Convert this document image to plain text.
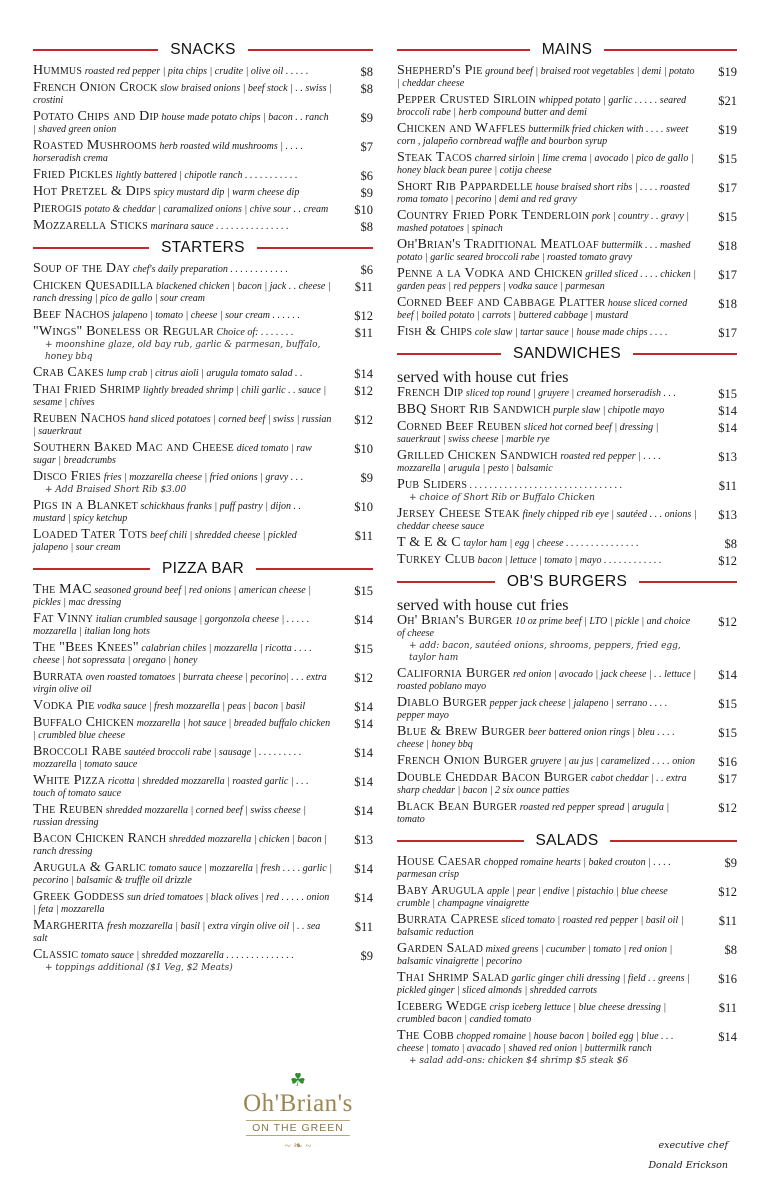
SNACKS
Hummus roasted red pepper | pita chips | crudite | olive oil . . . . .	$8
French Onion Crock slow braised onions | beef stock | . . swiss | crostini
$8
Potato Chips and Dip house made potato chips | bacon . . ranch | shaved green onion
$9
Roasted Mushrooms herb roasted wild mushrooms | . . . . horseradish crema
$7
Fried Pickles lightly battered | chipotle ranch . . . . . . . . . . .	$6
Hot Pretzel & Dips spicy mustard dip | warm cheese dip	$9
Pierogis potato & cheddar | caramalized onions | chive sour . . cream $10
Mozzarella Sticks marinara sauce . . . . . . . . . . . . . . .	$8
STARTERS
Soup of the Day chef's daily preparation . . . . . . . . . . . .	$6
Chicken Quesadilla blackened chicken | bacon | jack . . cheese | ranch dressing | pico de gallo | sour cream
$11
Beef Nachos jalapeno | tomato | cheese | sour cream . . . . . .	$12
"Wings" Boneless or Regular Choice of: . . . . . . .	$11
+ moonshine glaze, old bay rub, garlic & parmesan, buffalo, honey bbq
Crab Cakes lump crab | citrus aioli | arugula tomato salad . .	$14
Thai Fried Shrimp lightly breaded shrimp | chili garlic . . sauce | sesame | chives
$12
Reuben Nachos hand sliced potatoes | corned beef | swiss | russian | sauerkraut
$12
Southern Baked Mac and Cheese diced tomato | raw sugar | breadcrumbs
$10
Disco Fries fries | mozzarella cheese | fried onions | gravy . . .	$9
+ Add Braised Short Rib $3.00
Pigs in a Blanket schickhaus franks | puff pastry | dijon . . mustard | spicy ketchup
$10
Loaded Tater Tots beef chili | shredded cheese | pickled jalapeno | sour cream
$11
PIZZA BAR
The MAC seasoned ground beef | red onions | american cheese | pickles | mac dressing
$15
Fat Vinny italian crumbled sausage | gorgonzola cheese | . . . . . mozzarella | italian long hots
$14
The "Bees Knees" calabrian chiles | mozzarella | ricotta . . . . cheese | hot sopressata | oregano | honey
$15
Burrata oven roasted tomatoes | burrata cheese | pecorino| . . . extra virgin olive oil
$12
Vodka Pie vodka sauce | fresh mozzarella | peas | bacon | basil	$14
Buffalo Chicken mozzarella | hot sauce | breaded buffalo chicken | crumbled blue cheese
$14
Broccoli Rabe sautéed broccoli rabe | sausage | . . . . . . . . . mozzarella | tomato sauce
$14
White Pizza ricotta | shredded mozzarella | roasted garlic | . . . touch of tomato sauce
$14
The Reuben shredded mozzarella | corned beef | swiss cheese | russian dressing
$14
Bacon Chicken Ranch shredded mozzarella | chicken | bacon | ranch dressing
$13
Arugula & Garlic tomato sauce | mozzarella | fresh . . . . garlic | pecorino | balsamic & truffle oil drizzle
$14
Greek Goddess sun dried tomatoes | black olives | red . . . . . onion | feta | mozzarella
$14
Margherita fresh mozzarella | basil | extra virgin olive oil | . . sea salt
$11
Classic tomato sauce | shredded mozzarella . . . . . . . . . . . . . .	$9
+ toppings additional ($1 Veg, $2 Meats)
MAINS
Shepherd's Pie ground beef | braised root vegetables | demi | potato | cheddar cheese
$19
Pepper Crusted Sirloin whipped potato | garlic . . . . . seared broccoli rabe | herb compound butter and demi
$21
Chicken and Waffles buttermilk fried chicken with . . . . sweet corn , jalapeño cornbread waffle and bourbon syrup
$19
Steak Tacos charred sirloin | lime crema | avocado | pico de gallo | honey black bean puree | cotija cheese
$15
Short Rib Pappardelle house braised short ribs | . . . . roasted roma tomato | pecorino | demi and red gravy
$17
Country Fried Pork Tenderloin pork | country . . gravy | mashed potatoes | spinach
$15
Oh'Brian's Traditional Meatloaf buttermilk . . . mashed potato | garlic seared broccoli rabe | roasted tomato gravy
$18
Penne a la Vodka and Chicken grilled sliced . . . . chicken | garden peas | red peppers | vodka sauce | parmesan
$17
Corned Beef and Cabbage Platter house sliced corned beef | boiled potato | carrots | buttered cabbage | mustard
$18
Fish & Chips cole slaw | tartar sauce | house made chips . . . .	$17
SANDWICHES
served with house cut fries
French Dip sliced top round | gruyere | creamed horseradish . . .	$15
BBQ Short Rib Sandwich purple slaw | chipotle mayo	$14
Corned Beef Reuben sliced hot corned beef | dressing | sauerkraut | swiss cheese | marble rye
$14
Grilled Chicken Sandwich roasted red pepper | . . . . mozzarella | arugula | pesto | balsamic
$13
Pub Sliders . . . . . . . . . . . . . . . . . . . . . . . . . . . . . . .	$11
+ choice of Short Rib or Buffalo Chicken
Jersey Cheese Steak finely chipped rib eye | sautéed . . . onions | cheddar cheese sauce
$13
T & E & C taylor ham | egg | cheese . . . . . . . . . . . . . . .	$8
Turkey Club bacon | lettuce | tomato | mayo . . . . . . . . . . . .	$12
OB'S BURGERS
served with house cut fries
Oh' Brian's Burger 10 oz prime beef | LTO | pickle | and choice of cheese
$12
+ add: bacon, sautéed onions, shrooms, peppers, fried egg, taylor ham
California Burger red onion | avocado | jack cheese | . . lettuce | roasted poblano mayo
$14
Diablo Burger pepper jack cheese | jalapeno | serrano . . . . pepper mayo
$15
Blue & Brew Burger beer battered onion rings | bleu . . . . cheese | honey bbq
$15
French Onion Burger gruyere | au jus | caramelized . . . . onion $16
Double Cheddar Bacon Burger cabot cheddar | . . extra sharp cheddar | bacon | 2 six ounce patties
$17
Black Bean Burger roasted red pepper spread | arugula | tomato
$12
SALADS
House Caesar chopped romaine hearts | baked crouton | . . . . parmesan crisp
$9
Baby Arugula apple | pear | endive | pistachio | blue cheese crumble | champagne vinaigrette
$12
Burrata Caprese sliced tomato | roasted red pepper | basil oil | balsamic reduction
$11
Garden Salad mixed greens | cucumber | tomato | red onion | balsamic vinaigrette | pecorino
$8
Thai Shrimp Salad garlic ginger chili dressing | field . . greens | pickled ginger | sliced almonds | shredded carrots
$16
Iceberg Wedge crisp iceberg lettuce | blue cheese dressing | crumbled bacon | candied tomato
$11
The Cobb chopped romaine | house bacon | boiled egg | blue . . . cheese | tomato | avacado | shaved red onion | buttermilk ranch
$14
+ salad add-ons: chicken $4 shrimp $5 steak $6
☘
Oh'Brian's
ON THE GREEN
~ ❧ ~	executive chef
Donald Erickson
